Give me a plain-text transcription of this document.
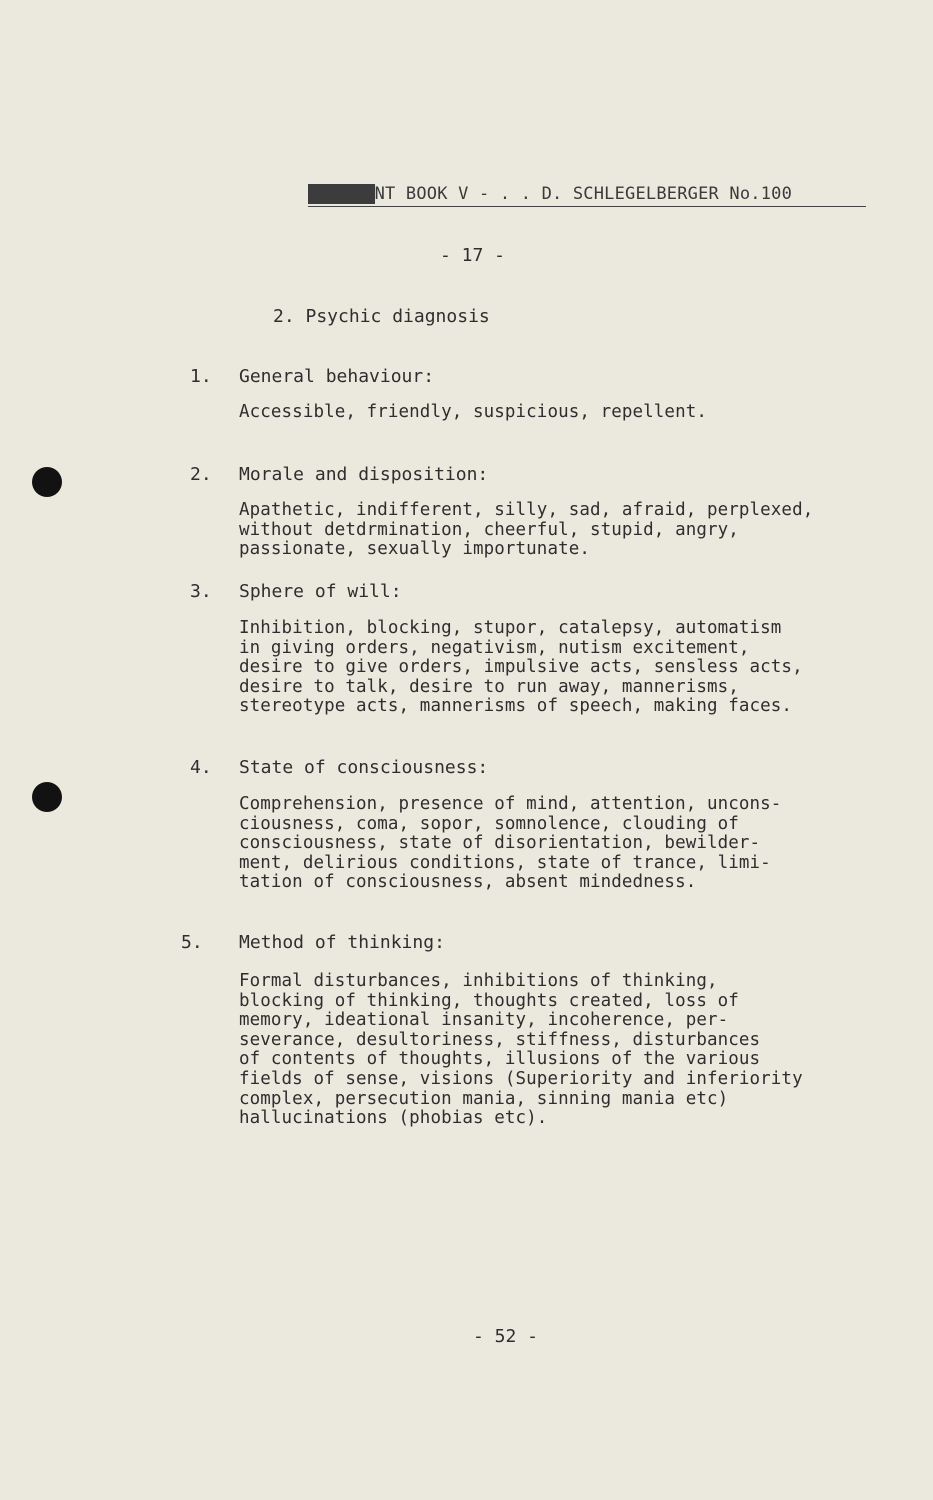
DOCUME NT BOOK V - . . D. SCHLEGELBERGER No.100
- 17 -
2. Psychic diagnosis
1. General behaviour:
Accessible, friendly, suspicious, repellent.
2. Morale and disposition:
Apathetic, indifferent, silly, sad, afraid, perplexed,
without detdrmination, cheerful, stupid, angry,
passionate, sexually importunate.
3. Sphere of will:
Inhibition, blocking, stupor, catalepsy, automatism
in giving orders, negativism, nutism excitement,
desire to give orders, impulsive acts, sensless acts,
desire to talk, desire to run away, mannerisms,
stereotype acts, mannerisms of speech, making faces.
4. State of consciousness:
Comprehension, presence of mind, attention, uncons-
ciousness, coma, sopor, somnolence, clouding of
consciousness, state of disorientation, bewilder-
ment, delirious conditions, state of trance, limi-
tation of consciousness, absent mindedness.
5. Method of thinking:
Formal disturbances, inhibitions of thinking,
blocking of thinking, thoughts created, loss of
memory, ideational insanity, incoherence, per-
severance, desultoriness, stiffness, disturbances
of contents of thoughts, illusions of the various
fields of sense, visions (Superiority and inferiority
complex, persecution mania, sinning mania etc)
hallucinations (phobias etc).
- 52 -
